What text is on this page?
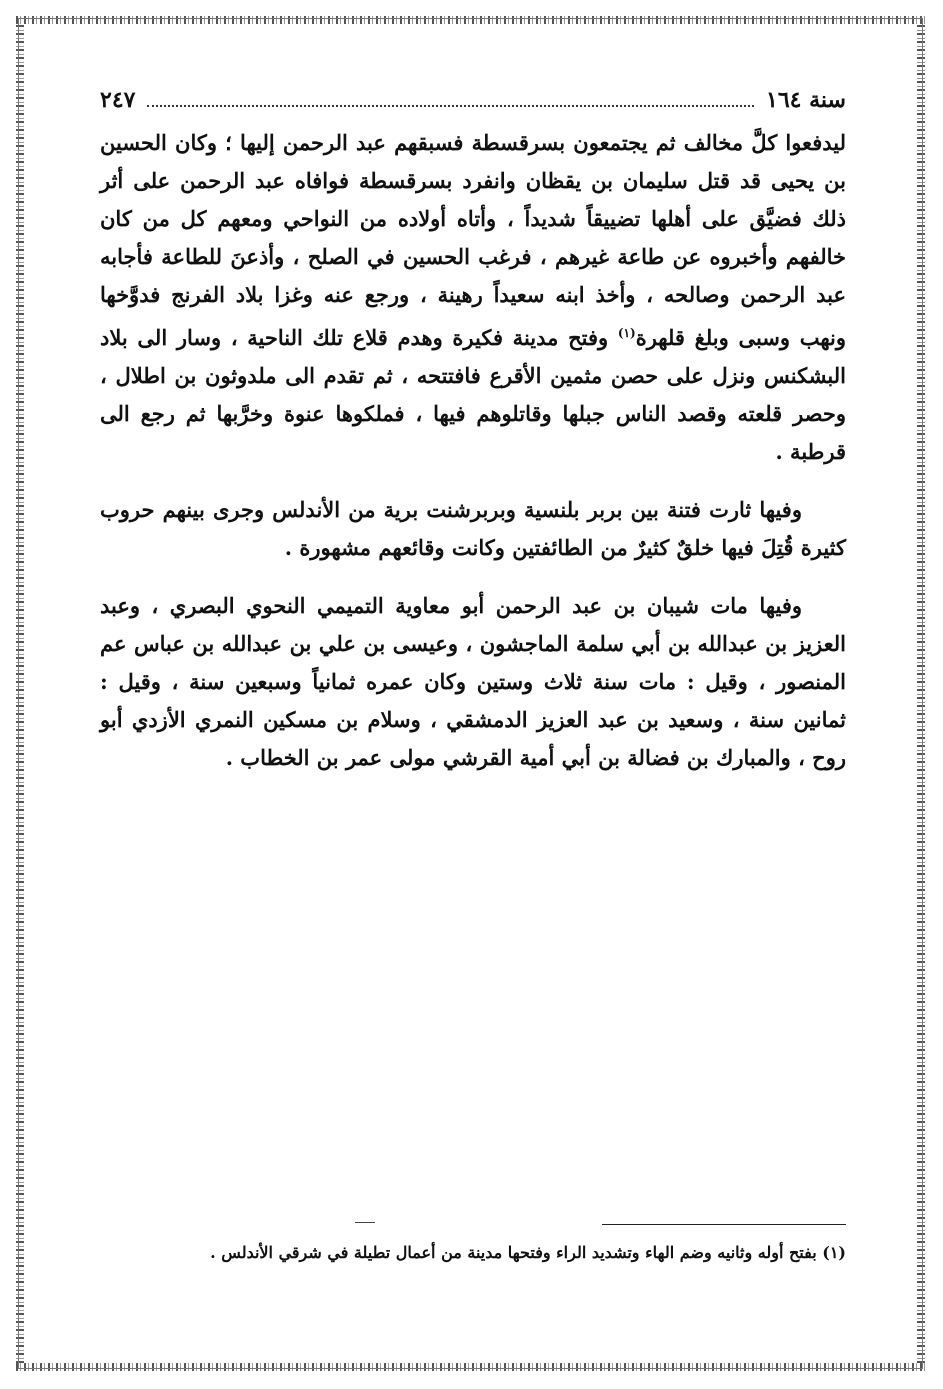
سنة ١٦٤
٢٤٧

ليدفعوا كلَّ مخالف ثم يجتمعون بسرقسطة فسبقهم عبد الرحمن إليها ؛ وكان الحسين بن يحيى قد قتل سليمان بن يقظان وانفرد بسرقسطة فوافاه عبد الرحمن على أثر ذلك فضيَّق على أهلها تضييقاً شديداً ، وأتاه أولاده من النواحي ومعهم كل من كان خالفهم وأخبروه عن طاعة غيرهم ، فرغب الحسين في الصلح ، وأذعنَ للطاعة فأجابه عبد الرحمن وصالحه ، وأخذ ابنه سعيداً رهينة ، ورجع عنه وغزا بلاد الفرنج فدوَّخها ونهب وسبى وبلغ قلهرة$^{(١)}$ وفتح مدينة فكيرة وهدم قلاع تلك الناحية ، وسار الى بلاد البشكنس ونزل على حصن مثمين الأقرع فافتتحه ، ثم تقدم الى ملدوثون بن اطلال ، وحصر قلعته وقصد الناس جبلها وقاتلوهم فيها ، فملكوها عنوة وخرَّبها ثم رجع الى قرطبة .

وفيها ثارت فتنة بين بربر بلنسية وبربرشنت برية من الأندلس وجرى بينهم حروب كثيرة قُتِلَ فيها خلقٌ كثيرٌ من الطائفتين وكانت وقائعهم مشهورة .

وفيها مات شيبان بن عبد الرحمن أبو معاوية التميمي النحوي البصري ، وعبد العزيز بن عبدالله بن أبي سلمة الماجشون ، وعيسى بن علي بن عبدالله بن عباس عم المنصور ، وقيل : مات سنة ثلاث وستين وكان عمره ثمانياً وسبعين سنة ، وقيل : ثمانين سنة ، وسعيد بن عبد العزيز الدمشقي ، وسلام بن مسكين النمري الأزدي أبو روح ، والمبارك بن فضالة بن أبي أمية القرشي مولى عمر بن الخطاب .

(١) بفتح أوله وثانيه وضم الهاء وتشديد الراء وفتحها مدينة من أعمال تطيلة في شرقي الأندلس .
